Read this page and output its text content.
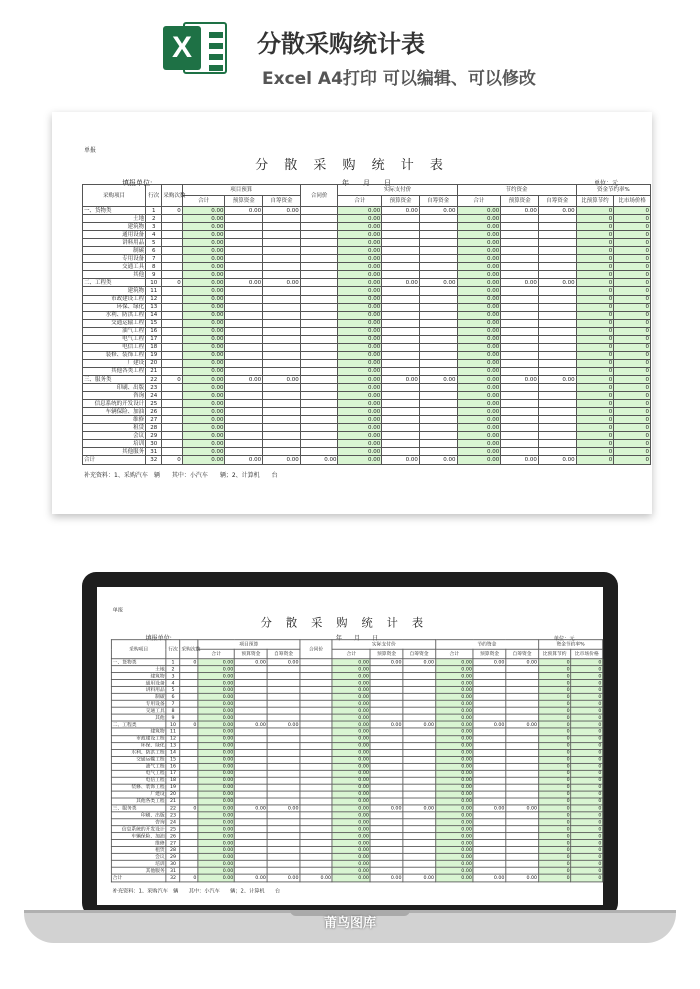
X	分散采购统计表
Excel A4打印 可以编辑、可以修改
单报
分 散 采 购 统 计 表
填报单位:	年　　月　　日	单位：元
采购项目	行次	采购次数	项目预算			合同价	实际支付价			节约资金			资金节约率%	
			合计	预算资金	自筹资金		合计	预算资金	自筹资金	合计	预算资金	自筹资金	比预算节约	比市场价格
一、货物类	1	0	0.00	0.00	0.00		0.00	0.00	0.00	0.00	0.00	0.00	0	0
土地	2		0.00				0.00			0.00			0	0
建筑物	3		0.00				0.00			0.00			0	0
通用设备	4		0.00				0.00			0.00			0	0
讲料用品	5		0.00				0.00			0.00			0	0
制碳	6		0.00				0.00			0.00			0	0
专用设备	7		0.00				0.00			0.00			0	0
交通工具	8		0.00				0.00			0.00			0	0
其他	9		0.00				0.00			0.00			0	0
二、工程类	10	0	0.00	0.00	0.00		0.00	0.00	0.00	0.00	0.00	0.00	0	0
建筑物	11		0.00				0.00			0.00			0	0
市政建设工程	12		0.00				0.00			0.00			0	0
环保、绿化	13		0.00				0.00			0.00			0	0
水利、防洪工程	14		0.00				0.00			0.00			0	0
交通运输工程	15		0.00				0.00			0.00			0	0
油气工程	16		0.00				0.00			0.00			0	0
电气工程	17		0.00				0.00			0.00			0	0
电信工程	18		0.00				0.00			0.00			0	0
装修、装饰工程	19		0.00				0.00			0.00			0	0
厂建设	20		0.00				0.00			0.00			0	0
其他各类工程	21		0.00				0.00			0.00			0	0
三、服务类	22	0	0.00	0.00	0.00		0.00	0.00	0.00	0.00	0.00	0.00	0	0
印刷、出版	23		0.00				0.00			0.00			0	0
咨询	24		0.00				0.00			0.00			0	0
信息系统的开发设计	25		0.00				0.00			0.00			0	0
车辆保险、加油	26		0.00				0.00			0.00			0	0
维修	27		0.00				0.00			0.00			0	0
租赁	28		0.00				0.00			0.00			0	0
会议	29		0.00				0.00			0.00			0	0
培训	30		0.00				0.00			0.00			0	0
其他服务	31		0.00				0.00			0.00			0	0
合计	32	0	0.00	0.00	0.00	0.00	0.00	0.00	0.00	0.00	0.00	0.00	0	0
补充资料：1、采购汽车　辆　　其中：小汽车　　辆；2、计算机　　台
单报
分 散 采 购 统 计 表
填报单位:	年　　月　　日	单位：元
采购项目	行次	采购次数	项目预算			合同价	实际支付价			节约资金			资金节约率%	
			合计	预算资金	自筹资金		合计	预算资金	自筹资金	合计	预算资金	自筹资金	比预算节约	比市场价格
一、货物类	1	0	0.00	0.00	0.00		0.00	0.00	0.00	0.00	0.00	0.00	0	0
土地	2		0.00				0.00			0.00			0	0
建筑物	3		0.00				0.00			0.00			0	0
通用设备	4		0.00				0.00			0.00			0	0
讲料用品	5		0.00				0.00			0.00			0	0
制碳	6		0.00				0.00			0.00			0	0
专用设备	7		0.00				0.00			0.00			0	0
交通工具	8		0.00				0.00			0.00			0	0
其他	9		0.00				0.00			0.00			0	0
二、工程类	10	0	0.00	0.00	0.00		0.00	0.00	0.00	0.00	0.00	0.00	0	0
建筑物	11		0.00				0.00			0.00			0	0
市政建设工程	12		0.00				0.00			0.00			0	0
环保、绿化	13		0.00				0.00			0.00			0	0
水利、防洪工程	14		0.00				0.00			0.00			0	0
交通运输工程	15		0.00				0.00			0.00			0	0
油气工程	16		0.00				0.00			0.00			0	0
电气工程	17		0.00				0.00			0.00			0	0
电信工程	18		0.00				0.00			0.00			0	0
装修、装饰工程	19		0.00				0.00			0.00			0	0
厂建设	20		0.00				0.00			0.00			0	0
其他各类工程	21		0.00				0.00			0.00			0	0
三、服务类	22	0	0.00	0.00	0.00		0.00	0.00	0.00	0.00	0.00	0.00	0	0
印刷、出版	23		0.00				0.00			0.00			0	0
咨询	24		0.00				0.00			0.00			0	0
信息系统的开发设计	25		0.00				0.00			0.00			0	0
车辆保险、加油	26		0.00				0.00			0.00			0	0
维修	27		0.00				0.00			0.00			0	0
租赁	28		0.00				0.00			0.00			0	0
会议	29		0.00				0.00			0.00			0	0
培训	30		0.00				0.00			0.00			0	0
其他服务	31		0.00				0.00			0.00			0	0
合计	32	0	0.00	0.00	0.00	0.00	0.00	0.00	0.00	0.00	0.00	0.00	0	0
补充资料：1、采购汽车　辆　　其中：小汽车　　辆；2、计算机　　台
莆鸟图库
